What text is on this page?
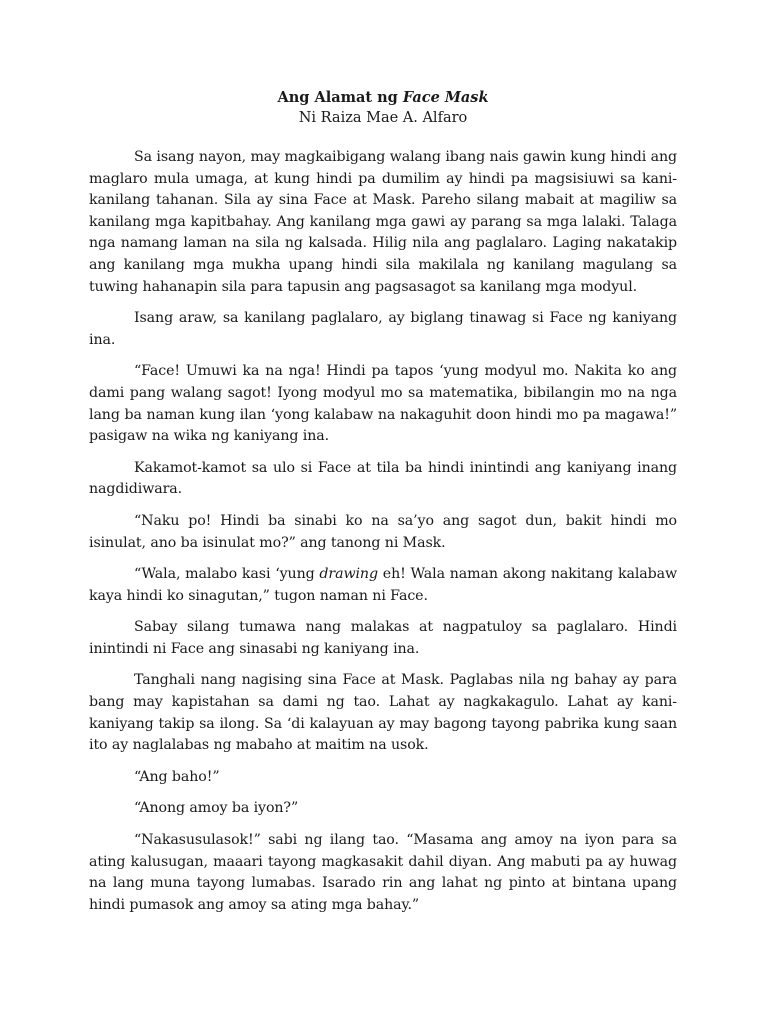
Ang Alamat ng Face Mask

Ni Raiza Mae A. Alfaro

Sa isang nayon, may magkaibigang walang ibang nais gawin kung hindi ang maglaro mula umaga, at kung hindi pa dumilim ay hindi pa magsisiuwi sa kani-kanilang tahanan. Sila ay sina Face at Mask. Pareho silang mabait at magiliw sa kanilang mga kapitbahay. Ang kanilang mga gawi ay parang sa mga lalaki. Talaga nga namang laman na sila ng kalsada. Hilig nila ang paglalaro. Laging nakatakip ang kanilang mga mukha upang hindi sila makilala ng kanilang magulang sa tuwing hahanapin sila para tapusin ang pagsasagot sa kanilang mga modyul.

Isang araw, sa kanilang paglalaro, ay biglang tinawag si Face ng kaniyang ina.

“Face! Umuwi ka na nga! Hindi pa tapos ‘yung modyul mo. Nakita ko ang dami pang walang sagot! Iyong modyul mo sa matematika, bibilangin mo na nga lang ba naman kung ilan ‘yong kalabaw na nakaguhit doon hindi mo pa magawa!” pasigaw na wika ng kaniyang ina.

Kakamot-kamot sa ulo si Face at tila ba hindi inintindi ang kaniyang inang nagdidiwara.

“Naku po! Hindi ba sinabi ko na sa’yo ang sagot dun, bakit hindi mo isinulat, ano ba isinulat mo?” ang tanong ni Mask.

“Wala, malabo kasi ‘yung drawing eh! Wala naman akong nakitang kalabaw kaya hindi ko sinagutan,” tugon naman ni Face.

Sabay silang tumawa nang malakas at nagpatuloy sa paglalaro. Hindi inintindi ni Face ang sinasabi ng kaniyang ina.

Tanghali nang nagising sina Face at Mask. Paglabas nila ng bahay ay para bang may kapistahan sa dami ng tao. Lahat ay nagkakagulo. Lahat ay kani-kaniyang takip sa ilong. Sa ‘di kalayuan ay may bagong tayong pabrika kung saan ito ay naglalabas ng mabaho at maitim na usok.

“Ang baho!”

“Anong amoy ba iyon?”

“Nakasusulasok!” sabi ng ilang tao. “Masama ang amoy na iyon para sa ating kalusugan, maaari tayong magkasakit dahil diyan. Ang mabuti pa ay huwag na lang muna tayong lumabas. Isarado rin ang lahat ng pinto at bintana upang hindi pumasok ang amoy sa ating mga bahay.”
